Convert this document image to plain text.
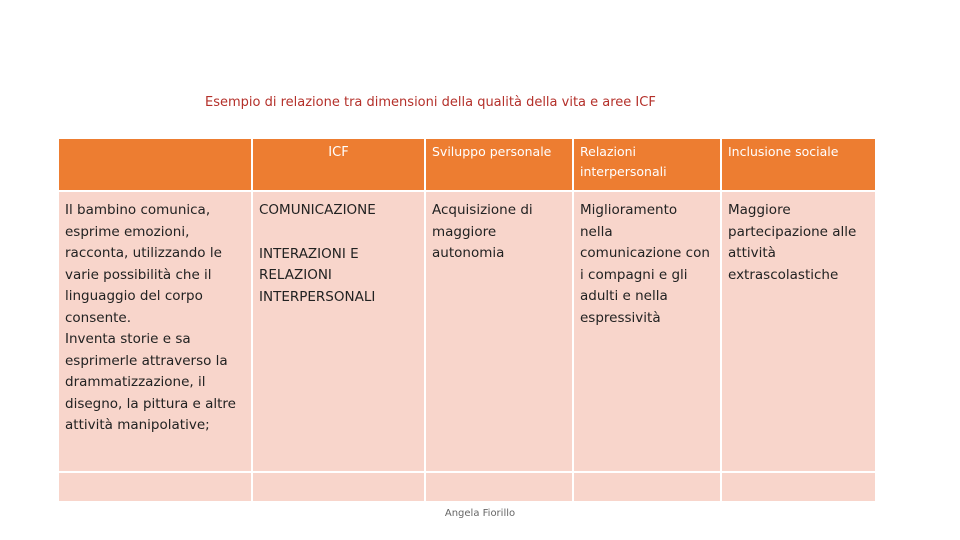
Esempio di relazione tra dimensioni della qualità della vita e aree ICF
	ICF	Sviluppo personale	Relazioni interpersonali	Inclusione sociale
Il bambino comunica, esprime emozioni, racconta, utilizzando le varie possibilità che il linguaggio del corpo consente.
Inventa storie e sa esprimerle attraverso la drammatizzazione, il disegno, la pittura e altre attività manipolative;	COMUNICAZIONE
INTERAZIONI E RELAZIONI INTERPERSONALI	Acquisizione di maggiore autonomia	Miglioramento nella comunicazione con i compagni e gli adulti e nella espressività	Maggiore partecipazione alle attività extrascolastiche

Angela Fiorillo
